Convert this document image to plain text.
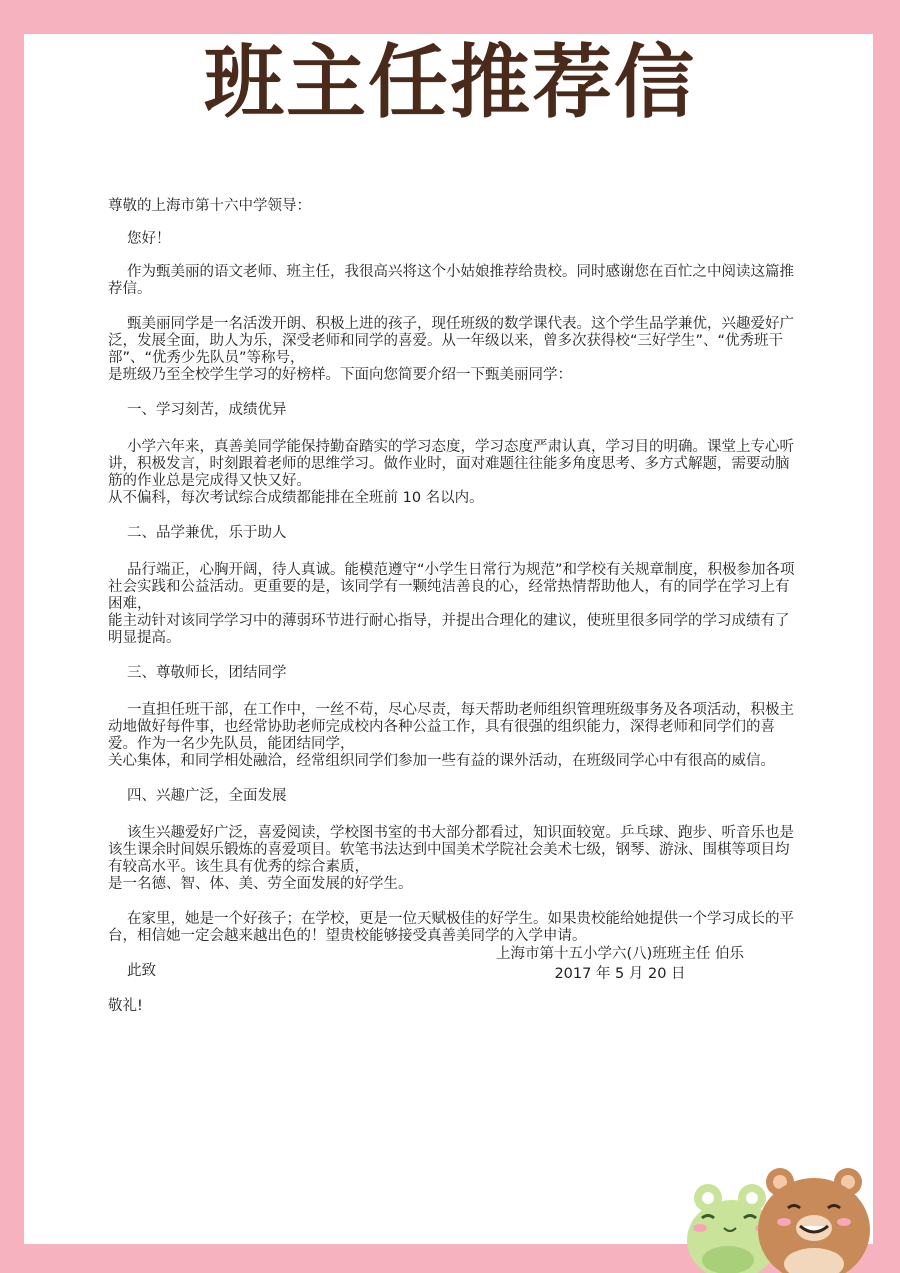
班主任推荐信

尊敬的上海市第十六中学领导：

您好！

作为甄美丽的语文老师、班主任，我很高兴将这个小姑娘推荐给贵校。同时感谢您在百忙之中阅读这篇推荐信。

甄美丽同学是一名活泼开朗、积极上进的孩子，现任班级的数学课代表。这个学生品学兼优，兴趣爱好广泛，发展全面，助人为乐，深受老师和同学的喜爱。从一年级以来，曾多次获得校“三好学生”、“优秀班干部”、“优秀少先队员”等称号，

是班级乃至全校学生学习的好榜样。下面向您简要介绍一下甄美丽同学：

一、学习刻苦，成绩优异

小学六年来，真善美同学能保持勤奋踏实的学习态度，学习态度严肃认真，学习目的明确。课堂上专心听讲，积极发言，时刻跟着老师的思维学习。做作业时，面对难题往往能多角度思考、多方式解题，需要动脑筋的作业总是完成得又快又好。

从不偏科，每次考试综合成绩都能排在全班前 10 名以内。

二、品学兼优，乐于助人

品行端正，心胸开阔，待人真诚。能模范遵守“小学生日常行为规范”和学校有关规章制度，积极参加各项社会实践和公益活动。更重要的是，该同学有一颗纯洁善良的心，经常热情帮助他人，有的同学在学习上有困难，

能主动针对该同学学习中的薄弱环节进行耐心指导，并提出合理化的建议，使班里很多同学的学习成绩有了明显提高。

三、尊敬师长，团结同学

一直担任班干部，在工作中，一丝不苟，尽心尽责，每天帮助老师组织管理班级事务及各项活动，积极主动地做好每件事，也经常协助老师完成校内各种公益工作，具有很强的组织能力，深得老师和同学们的喜爱。作为一名少先队员，能团结同学，

关心集体，和同学相处融洽，经常组织同学们参加一些有益的课外活动，在班级同学心中有很高的威信。

四、兴趣广泛，全面发展

该生兴趣爱好广泛，喜爱阅读，学校图书室的书大部分都看过，知识面较宽。乒乓球、跑步、听音乐也是该生课余时间娱乐锻炼的喜爱项目。软笔书法达到中国美术学院社会美术七级，钢琴、游泳、围棋等项目均有较高水平。该生具有优秀的综合素质，

是一名德、智、体、美、劳全面发展的好学生。

在家里，她是一个好孩子；在学校，更是一位天赋极佳的好学生。如果贵校能给她提供一个学习成长的平台，相信她一定会越来越出色的！望贵校能够接受真善美同学的入学申请。

此致

敬礼!

上海市第十五小学六(八)班班主任 伯乐
2017 年 5 月 20 日
